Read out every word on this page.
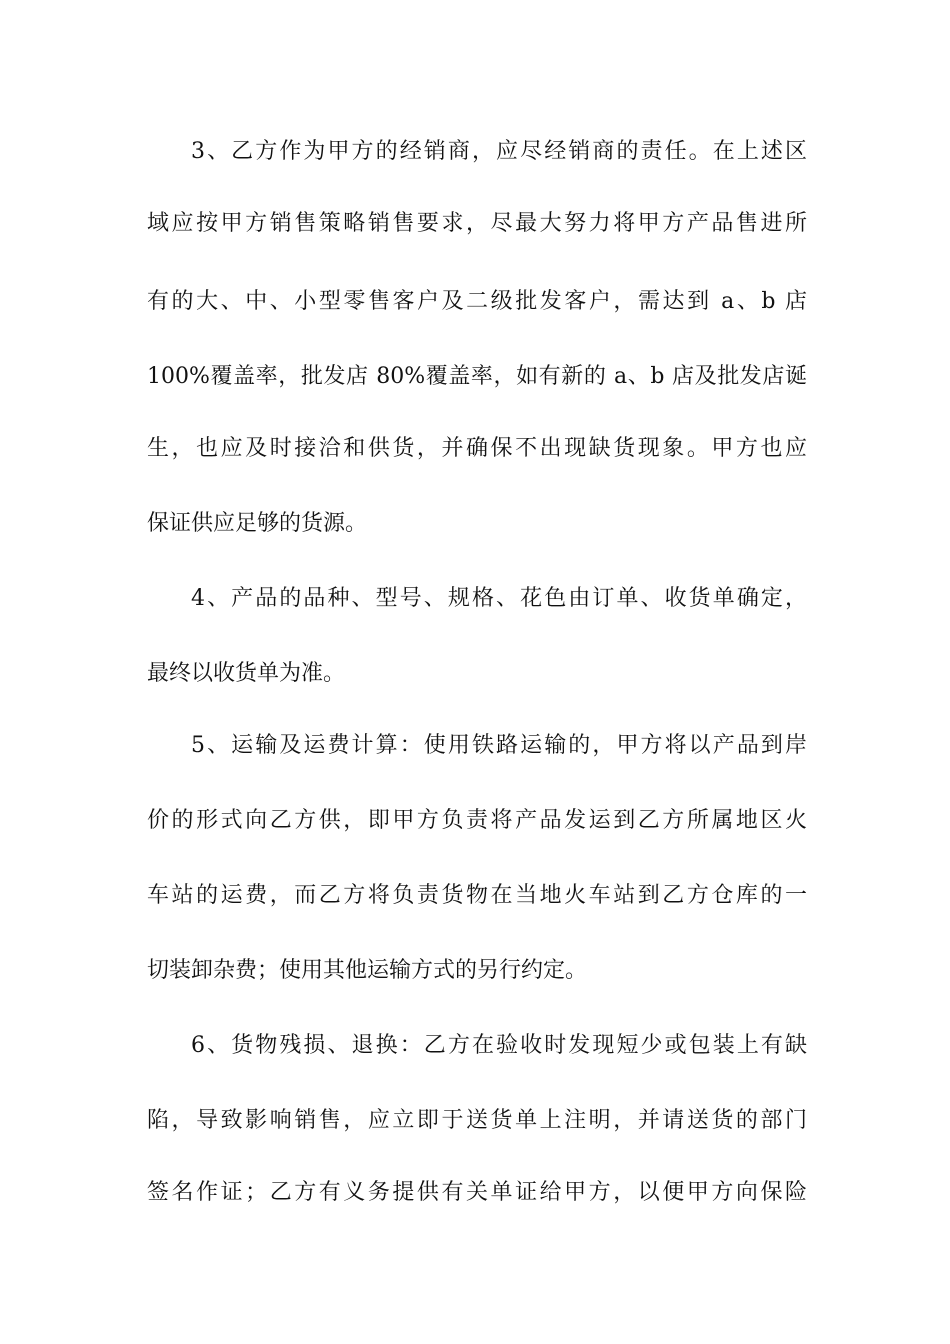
3、乙方作为甲方的经销商，应尽经销商的责任。在上述区
域应按甲方销售策略销售要求，尽最大努力将甲方产品售进所
有的大、中、小型零售客户及二级批发客户，需达到 a、b 店
100%覆盖率，批发店 80%覆盖率，如有新的 a、b 店及批发店诞
生，也应及时接洽和供货，并确保不出现缺货现象。甲方也应
保证供应足够的货源。
4、产品的品种、型号、规格、花色由订单、收货单确定，
最终以收货单为准。
5、运输及运费计算：使用铁路运输的，甲方将以产品到岸
价的形式向乙方供，即甲方负责将产品发运到乙方所属地区火
车站的运费，而乙方将负责货物在当地火车站到乙方仓库的一
切装卸杂费；使用其他运输方式的另行约定。
6、货物残损、退换：乙方在验收时发现短少或包装上有缺
陷，导致影响销售，应立即于送货单上注明，并请送货的部门
签名作证；乙方有义务提供有关单证给甲方，以便甲方向保险
